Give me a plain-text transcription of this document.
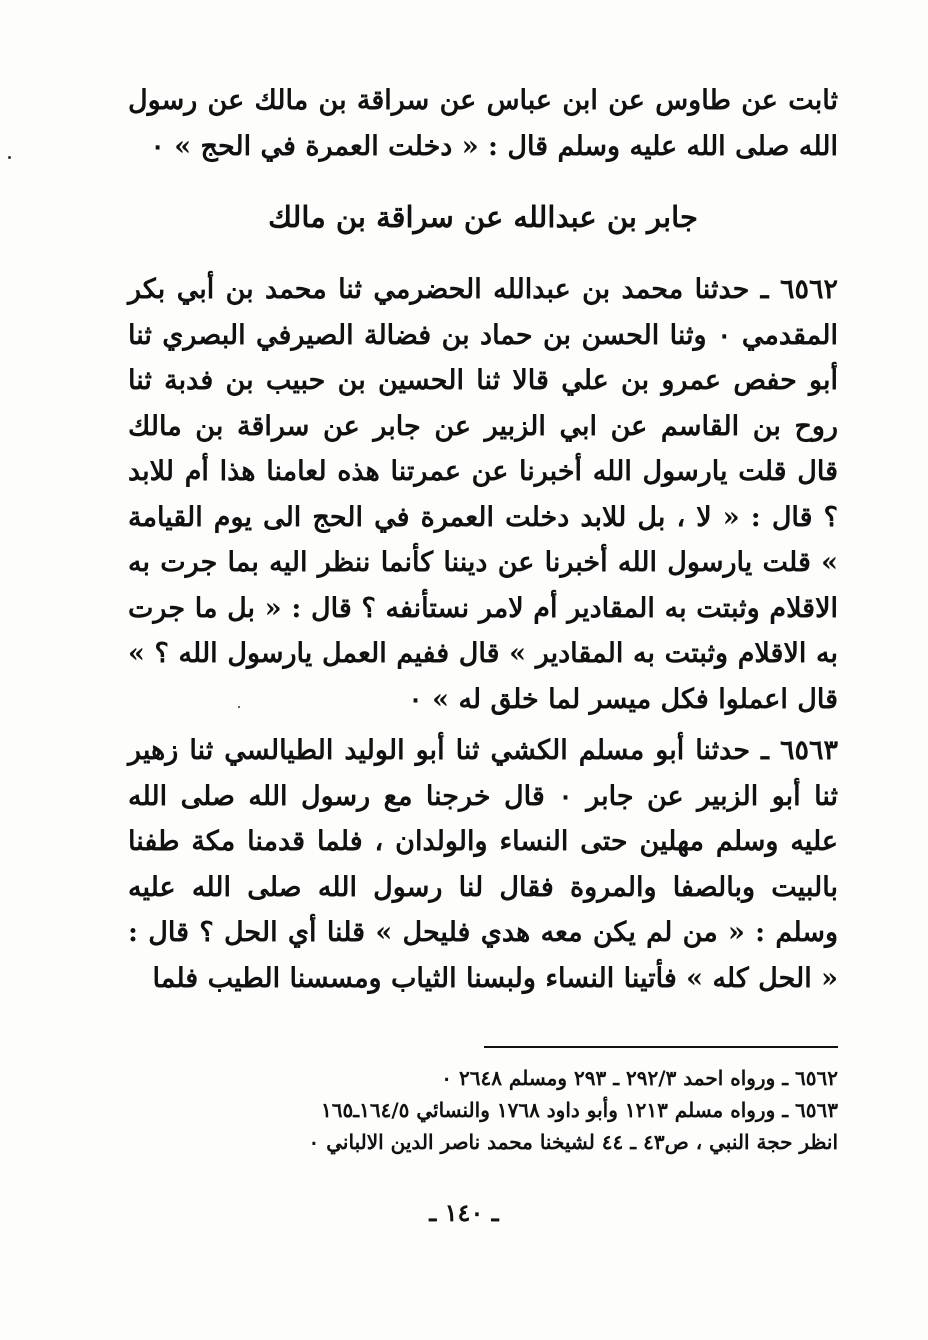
ثابت عن طاوس عن ابن عباس عن سراقة بن مالك عن رسول الله صلى الله عليه وسلم قال : « دخلت العمرة في الحج » ٠

جابر بن عبدالله عن سراقة بن مالك

٦٥٦٢ ـ حدثنا محمد بن عبدالله الحضرمي ثنا محمد بن أبي بكر المقدمي ٠ وثنا الحسن بن حماد بن فضالة الصيرفي البصري ثنا أبو حفص عمرو بن علي قالا ثنا الحسين بن حبيب بن فدبة ثنا روح بن القاسم عن ابي الزبير عن جابر عن سراقة بن مالك قال قلت يارسول الله أخبرنا عن عمرتنا هذه لعامنا هذا أم للابد ؟ قال : « لا ، بل للابد دخلت العمرة في الحج الى يوم القيامة » قلت يارسول الله أخبرنا عن ديننا كأنما ننظر اليه بما جرت به الاقلام وثبتت به المقادير أم لامر نستأنفه ؟ قال : « بل ما جرت به الاقلام وثبتت به المقادير » قال ففيم العمل يارسول الله ؟ » قال اعملوا فكل ميسر لما خلق له » ٠

٦٥٦٣ ـ حدثنا أبو مسلم الكشي ثنا أبو الوليد الطيالسي ثنا زهير ثنا أبو الزبير عن جابر ٠ قال خرجنا مع رسول الله صلى الله عليه وسلم مهلين حتى النساء والولدان ، فلما قدمنا مكة طفنا بالبيت وبالصفا والمروة فقال لنا رسول الله صلى الله عليه وسلم : « من لم يكن معه هدي فليحل » قلنا أي الحل ؟ قال : « الحل كله » فأتينا النساء ولبسنا الثياب ومسسنا الطيب فلما

٦٥٦٢ ـ ورواه احمد ٢٩٢/٣ ـ ٢٩٣ ومسلم ٢٦٤٨ ٠

٦٥٦٣ ـ ورواه مسلم ١٢١٣ وأبو داود ١٧٦٨ والنسائي ١٦٤/٥ـ١٦٥

انظر حجة النبي ، ص٤٣ ـ ٤٤ لشيخنا محمد ناصر الدين الالباني ٠

ـ ١٤٠ ـ
